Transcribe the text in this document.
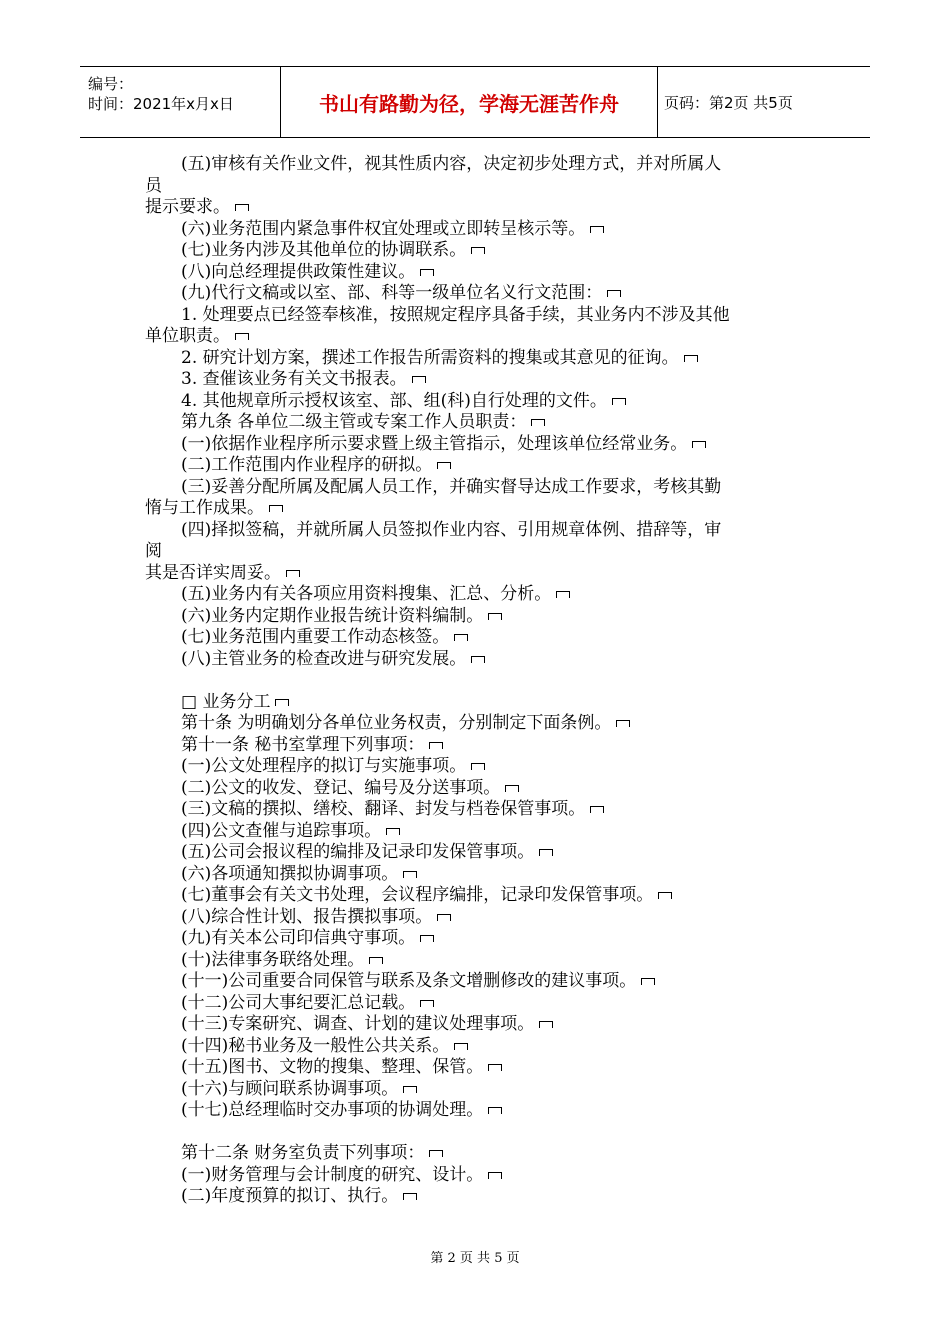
编号：
时间：2021年x月x日	书山有路勤为径，学海无涯苦作舟	页码：第2页 共5页
(五)审核有关作业文件，视其性质内容，决定初步处理方式，并对所属人
员
提示要求。
(六)业务范围内紧急事件权宜处理或立即转呈核示等。
(七)业务内涉及其他单位的协调联系。
(八)向总经理提供政策性建议。
(九)代行文稿或以室、部、科等一级单位名义行文范围：
1. 处理要点已经签奉核准，按照规定程序具备手续，其业务内不涉及其他
单位职责。
2. 研究计划方案，撰述工作报告所需资料的搜集或其意见的征询。
3. 查催该业务有关文书报表。
4. 其他规章所示授权该室、部、组(科)自行处理的文件。
第九条 各单位二级主管或专案工作人员职责：
(一)依据作业程序所示要求暨上级主管指示，处理该单位经常业务。
(二)工作范围内作业程序的研拟。
(三)妥善分配所属及配属人员工作，并确实督导达成工作要求，考核其勤
惰与工作成果。
(四)择拟签稿，并就所属人员签拟作业内容、引用规章体例、措辞等，审
阅
其是否详实周妥。
(五)业务内有关各项应用资料搜集、汇总、分析。
(六)业务内定期作业报告统计资料编制。
(七)业务范围内重要工作动态核签。
(八)主管业务的检查改进与研究发展。
□ 业务分工
第十条 为明确划分各单位业务权责，分别制定下面条例。
第十一条 秘书室掌理下列事项：
(一)公文处理程序的拟订与实施事项。
(二)公文的收发、登记、编号及分送事项。
(三)文稿的撰拟、缮校、翻译、封发与档卷保管事项。
(四)公文查催与追踪事项。
(五)公司会报议程的编排及记录印发保管事项。
(六)各项通知撰拟协调事项。
(七)董事会有关文书处理，会议程序编排，记录印发保管事项。
(八)综合性计划、报告撰拟事项。
(九)有关本公司印信典守事项。
(十)法律事务联络处理。
(十一)公司重要合同保管与联系及条文增删修改的建议事项。
(十二)公司大事纪要汇总记载。
(十三)专案研究、调查、计划的建议处理事项。
(十四)秘书业务及一般性公共关系。
(十五)图书、文物的搜集、整理、保管。
(十六)与顾问联系协调事项。
(十七)总经理临时交办事项的协调处理。
第十二条 财务室负责下列事项：
(一)财务管理与会计制度的研究、设计。
(二)年度预算的拟订、执行。
第 2 页 共 5 页
